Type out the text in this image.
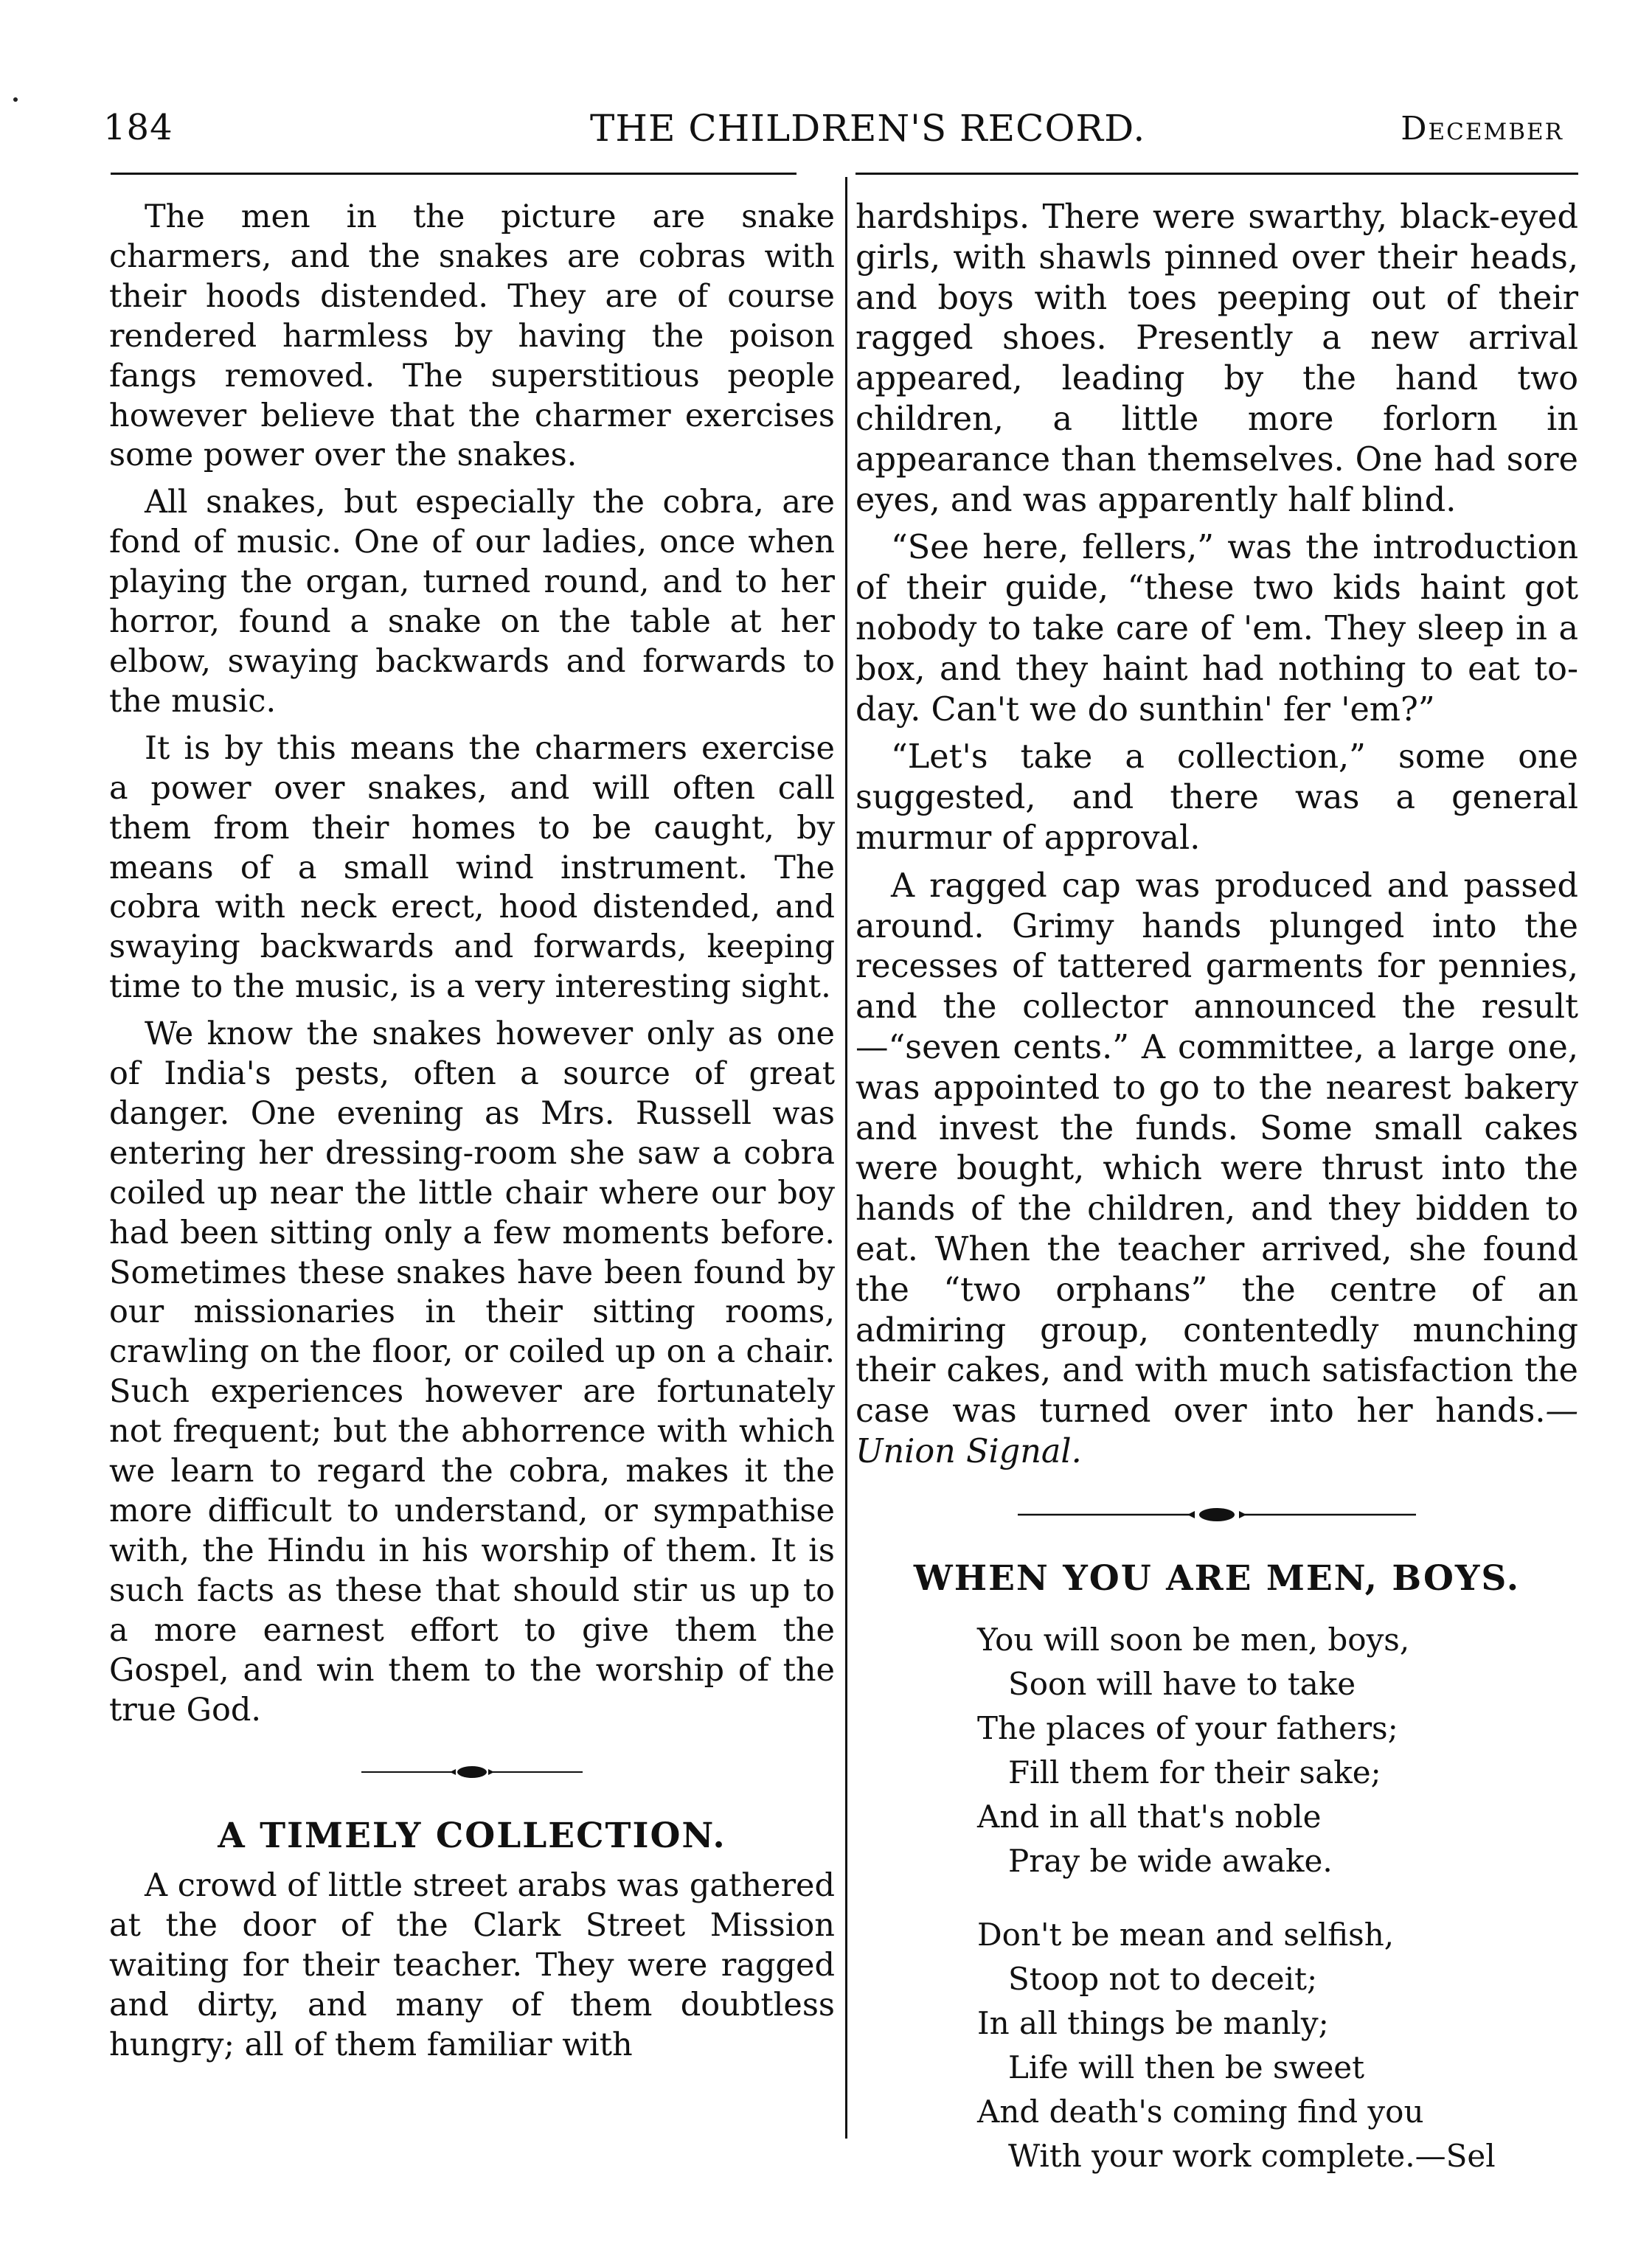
184	THE CHILDREN'S RECORD.	December

The men in the picture are snake charmers, and the snakes are cobras with their hoods distended. They are of course rendered harmless by having the poison fangs removed. The superstitious people however believe that the charmer exercises some power over the snakes.

All snakes, but especially the cobra, are fond of music. One of our ladies, once when playing the organ, turned round, and to her horror, found a snake on the table at her elbow, swaying backwards and forwards to the music.

It is by this means the charmers exercise a power over snakes, and will often call them from their homes to be caught, by means of a small wind instrument. The cobra with neck erect, hood distended, and swaying backwards and forwards, keeping time to the music, is a very interesting sight.

We know the snakes however only as one of India's pests, often a source of great danger. One evening as Mrs. Russell was entering her dressing-room she saw a cobra coiled up near the little chair where our boy had been sitting only a few moments before. Sometimes these snakes have been found by our missionaries in their sitting rooms, crawling on the floor, or coiled up on a chair. Such experiences however are fortunately not frequent; but the abhorrence with which we learn to regard the cobra, makes it the more difficult to understand, or sympathise with, the Hindu in his worship of them. It is such facts as these that should stir us up to a more earnest effort to give them the Gospel, and win them to the worship of the true God.

A TIMELY COLLECTION.

A crowd of little street arabs was gathered at the door of the Clark Street Mission waiting for their teacher. They were ragged and dirty, and many of them doubtless hungry; all of them familiar with

hardships. There were swarthy, black-eyed girls, with shawls pinned over their heads, and boys with toes peeping out of their ragged shoes. Presently a new arrival appeared, leading by the hand two children, a little more forlorn in appearance than themselves. One had sore eyes, and was apparently half blind.

“See here, fellers,” was the introduction of their guide, “these two kids haint got nobody to take care of 'em. They sleep in a box, and they haint had nothing to eat to-day. Can't we do sunthin' fer 'em?”

“Let's take a collection,” some one suggested, and there was a general murmur of approval.

A ragged cap was produced and passed around. Grimy hands plunged into the recesses of tattered garments for pennies, and the collector announced the result—“seven cents.” A committee, a large one, was appointed to go to the nearest bakery and invest the funds. Some small cakes were bought, which were thrust into the hands of the children, and they bidden to eat. When the teacher arrived, she found the “two orphans” the centre of an admiring group, contentedly munching their cakes, and with much satisfaction the case was turned over into her hands.—Union Signal.

WHEN YOU ARE MEN, BOYS.
You will soon be men, boys,
Soon will have to take
The places of your fathers;
Fill them for their sake;
And in all that's noble
Pray be wide awake.
Don't be mean and selfish,
Stoop not to deceit;
In all things be manly;
Life will then be sweet
And death's coming find you
With your work complete.—Sel
